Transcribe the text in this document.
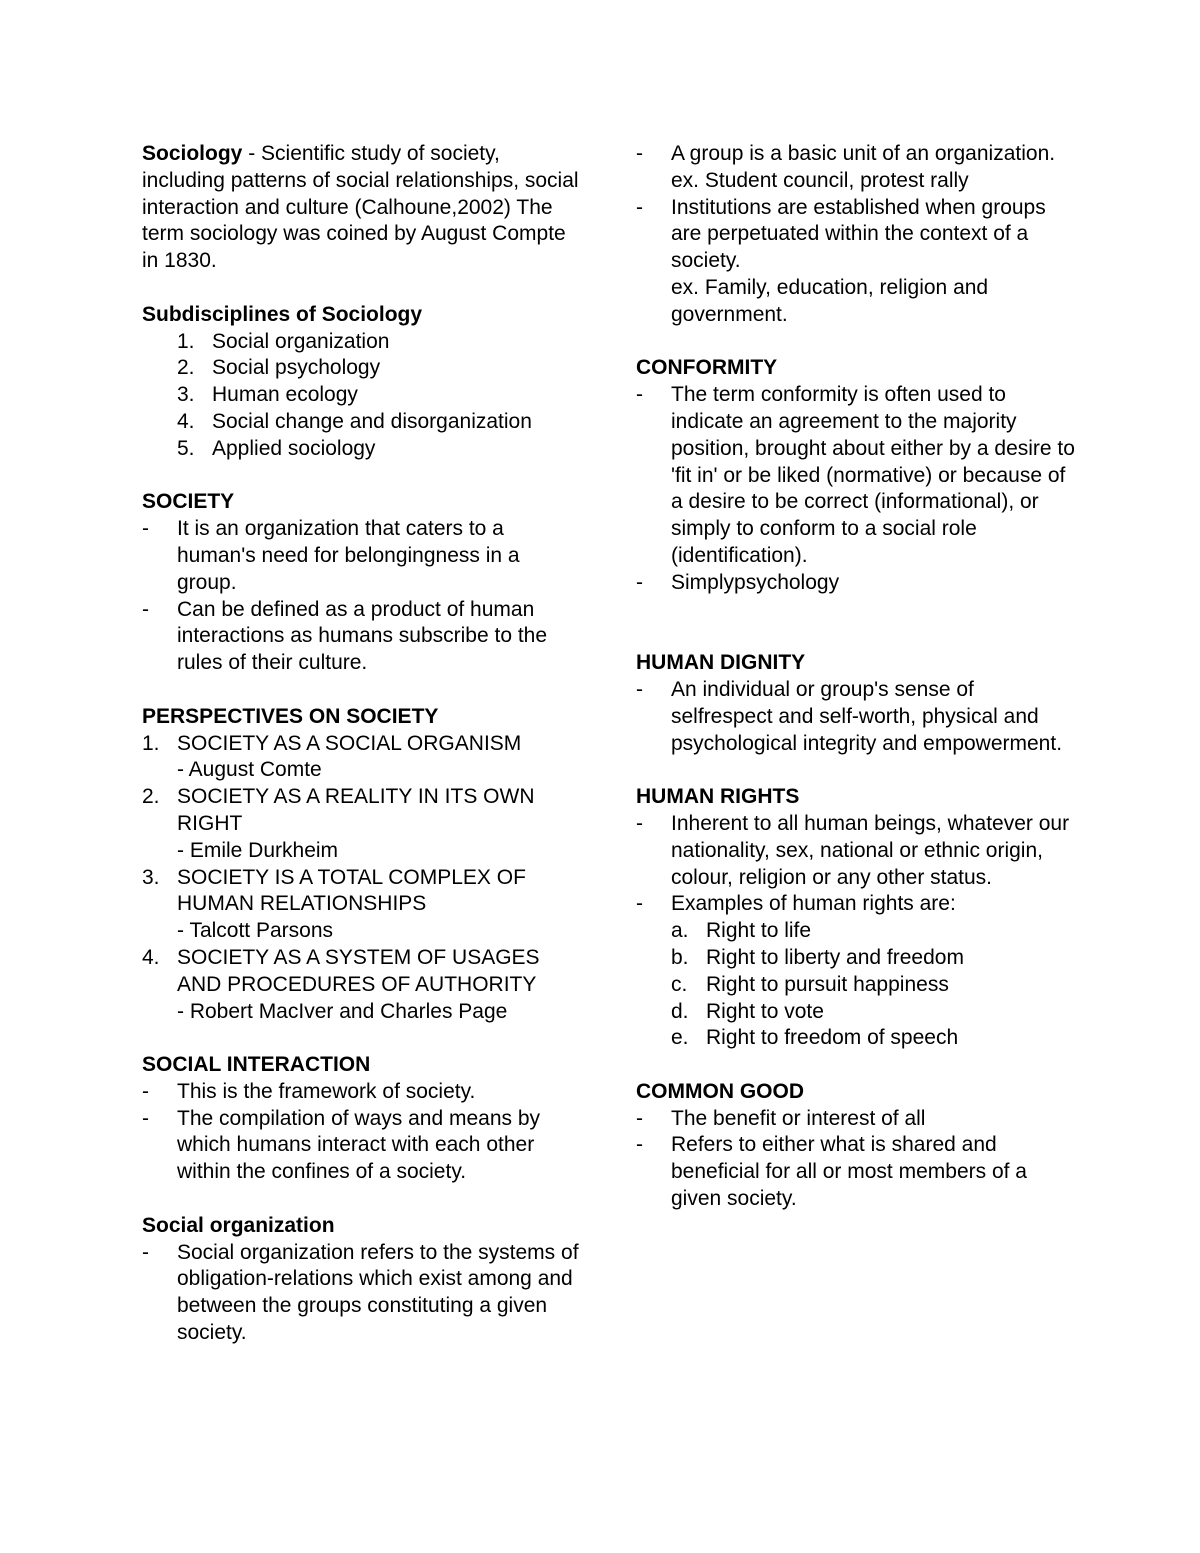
Sociology - Scientific study of society, including patterns of social relationships, social interaction and culture (Calhoune,2002) The term sociology was coined by August Compte in 1830.

Subdisciplines of Sociology

1. Social organization
2. Social psychology
3. Human ecology
4. Social change and disorganization
5. Applied sociology

SOCIETY

-	It is an organization that caters to a human's need for belongingness in a group.
-	Can be defined as a product of human interactions as humans subscribe to the rules of their culture.

PERSPECTIVES ON SOCIETY

1. SOCIETY AS A SOCIAL ORGANISM
- August Comte
2. SOCIETY AS A REALITY IN ITS OWN RIGHT
- Emile Durkheim
3. SOCIETY IS A TOTAL COMPLEX OF HUMAN RELATIONSHIPS
- Talcott Parsons
4. SOCIETY AS A SYSTEM OF USAGES AND PROCEDURES OF AUTHORITY
- Robert MacIver and Charles Page

SOCIAL INTERACTION

-	This is the framework of society.
-	The compilation of ways and means by which humans interact with each other within the confines of a society.

Social organization

-	Social organization refers to the systems of obligation-relations which exist among and between the groups constituting a given society.
-	A group is a basic unit of an organization.
ex. Student council, protest rally
-	Institutions are established when groups are perpetuated within the context of a society.
ex. Family, education, religion and government.

CONFORMITY

-	The term conformity is often used to indicate an agreement to the majority position, brought about either by a desire to 'fit in' or be liked (normative) or because of a desire to be correct (informational), or simply to conform to a social role (identification).
-	Simplypsychology

HUMAN DIGNITY

-	An individual or group's sense of selfrespect and self-worth, physical and psychological integrity and empowerment.

HUMAN RIGHTS

-	Inherent to all human beings, whatever our nationality, sex, national or ethnic origin, colour, religion or any other status.
-	Examples of human rights are:
a. Right to life
b. Right to liberty and freedom
c. Right to pursuit happiness
d. Right to vote
e. Right to freedom of speech

COMMON GOOD

-	The benefit or interest of all
-	Refers to either what is shared and beneficial for all or most members of a given society.
